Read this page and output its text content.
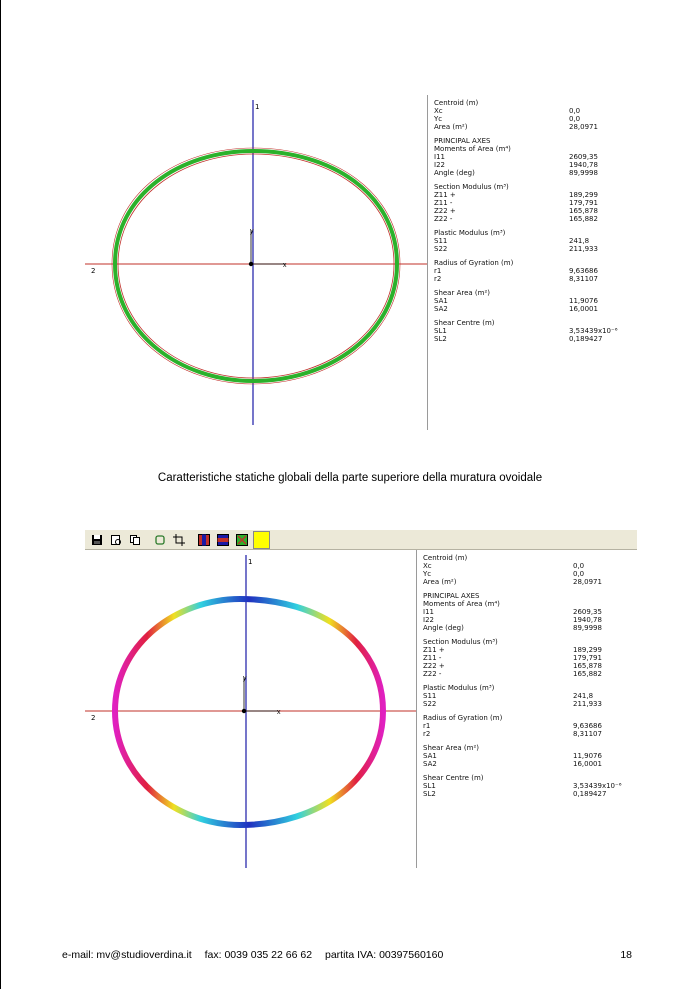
1
2
x
y
Centroid (m)
Xc	0,0
Yc	0,0
Area (m²)	28,0971
PRINCIPAL AXES
Moments of Area (m⁴)
I11	2609,35
I22	1940,78
Angle (deg)	89,9998
Section Modulus (m³)
Z11 +	189,299
Z11 -	179,791
Z22 +	165,878
Z22 -	165,882
Plastic Modulus (m³)
S11	241,8
S22	211,933
Radius of Gyration (m)
r1	9,63686
r2	8,31107
Shear Area (m²)
SA1	11,9076
SA2	16,0001
Shear Centre (m)
SL1	3,53439x10⁻⁶
SL2	0,189427
Caratteristiche statiche globali della parte superiore della muratura ovoidale
1
2
x
y
Centroid (m)
Xc	0,0
Yc	0,0
Area (m²)	28,0971
PRINCIPAL AXES
Moments of Area (m⁴)
I11	2609,35
I22	1940,78
Angle (deg)	89,9998
Section Modulus (m³)
Z11 +	189,299
Z11 -	179,791
Z22 +	165,878
Z22 -	165,882
Plastic Modulus (m³)
S11	241,8
S22	211,933
Radius of Gyration (m)
r1	9,63686
r2	8,31107
Shear Area (m²)
SA1	11,9076
SA2	16,0001
Shear Centre (m)
SL1	3,53439x10⁻⁶
SL2	0,189427
e-mail: mv@studioverdina.it fax: 0039 035 22 66 62 partita IVA: 00397560160	18
